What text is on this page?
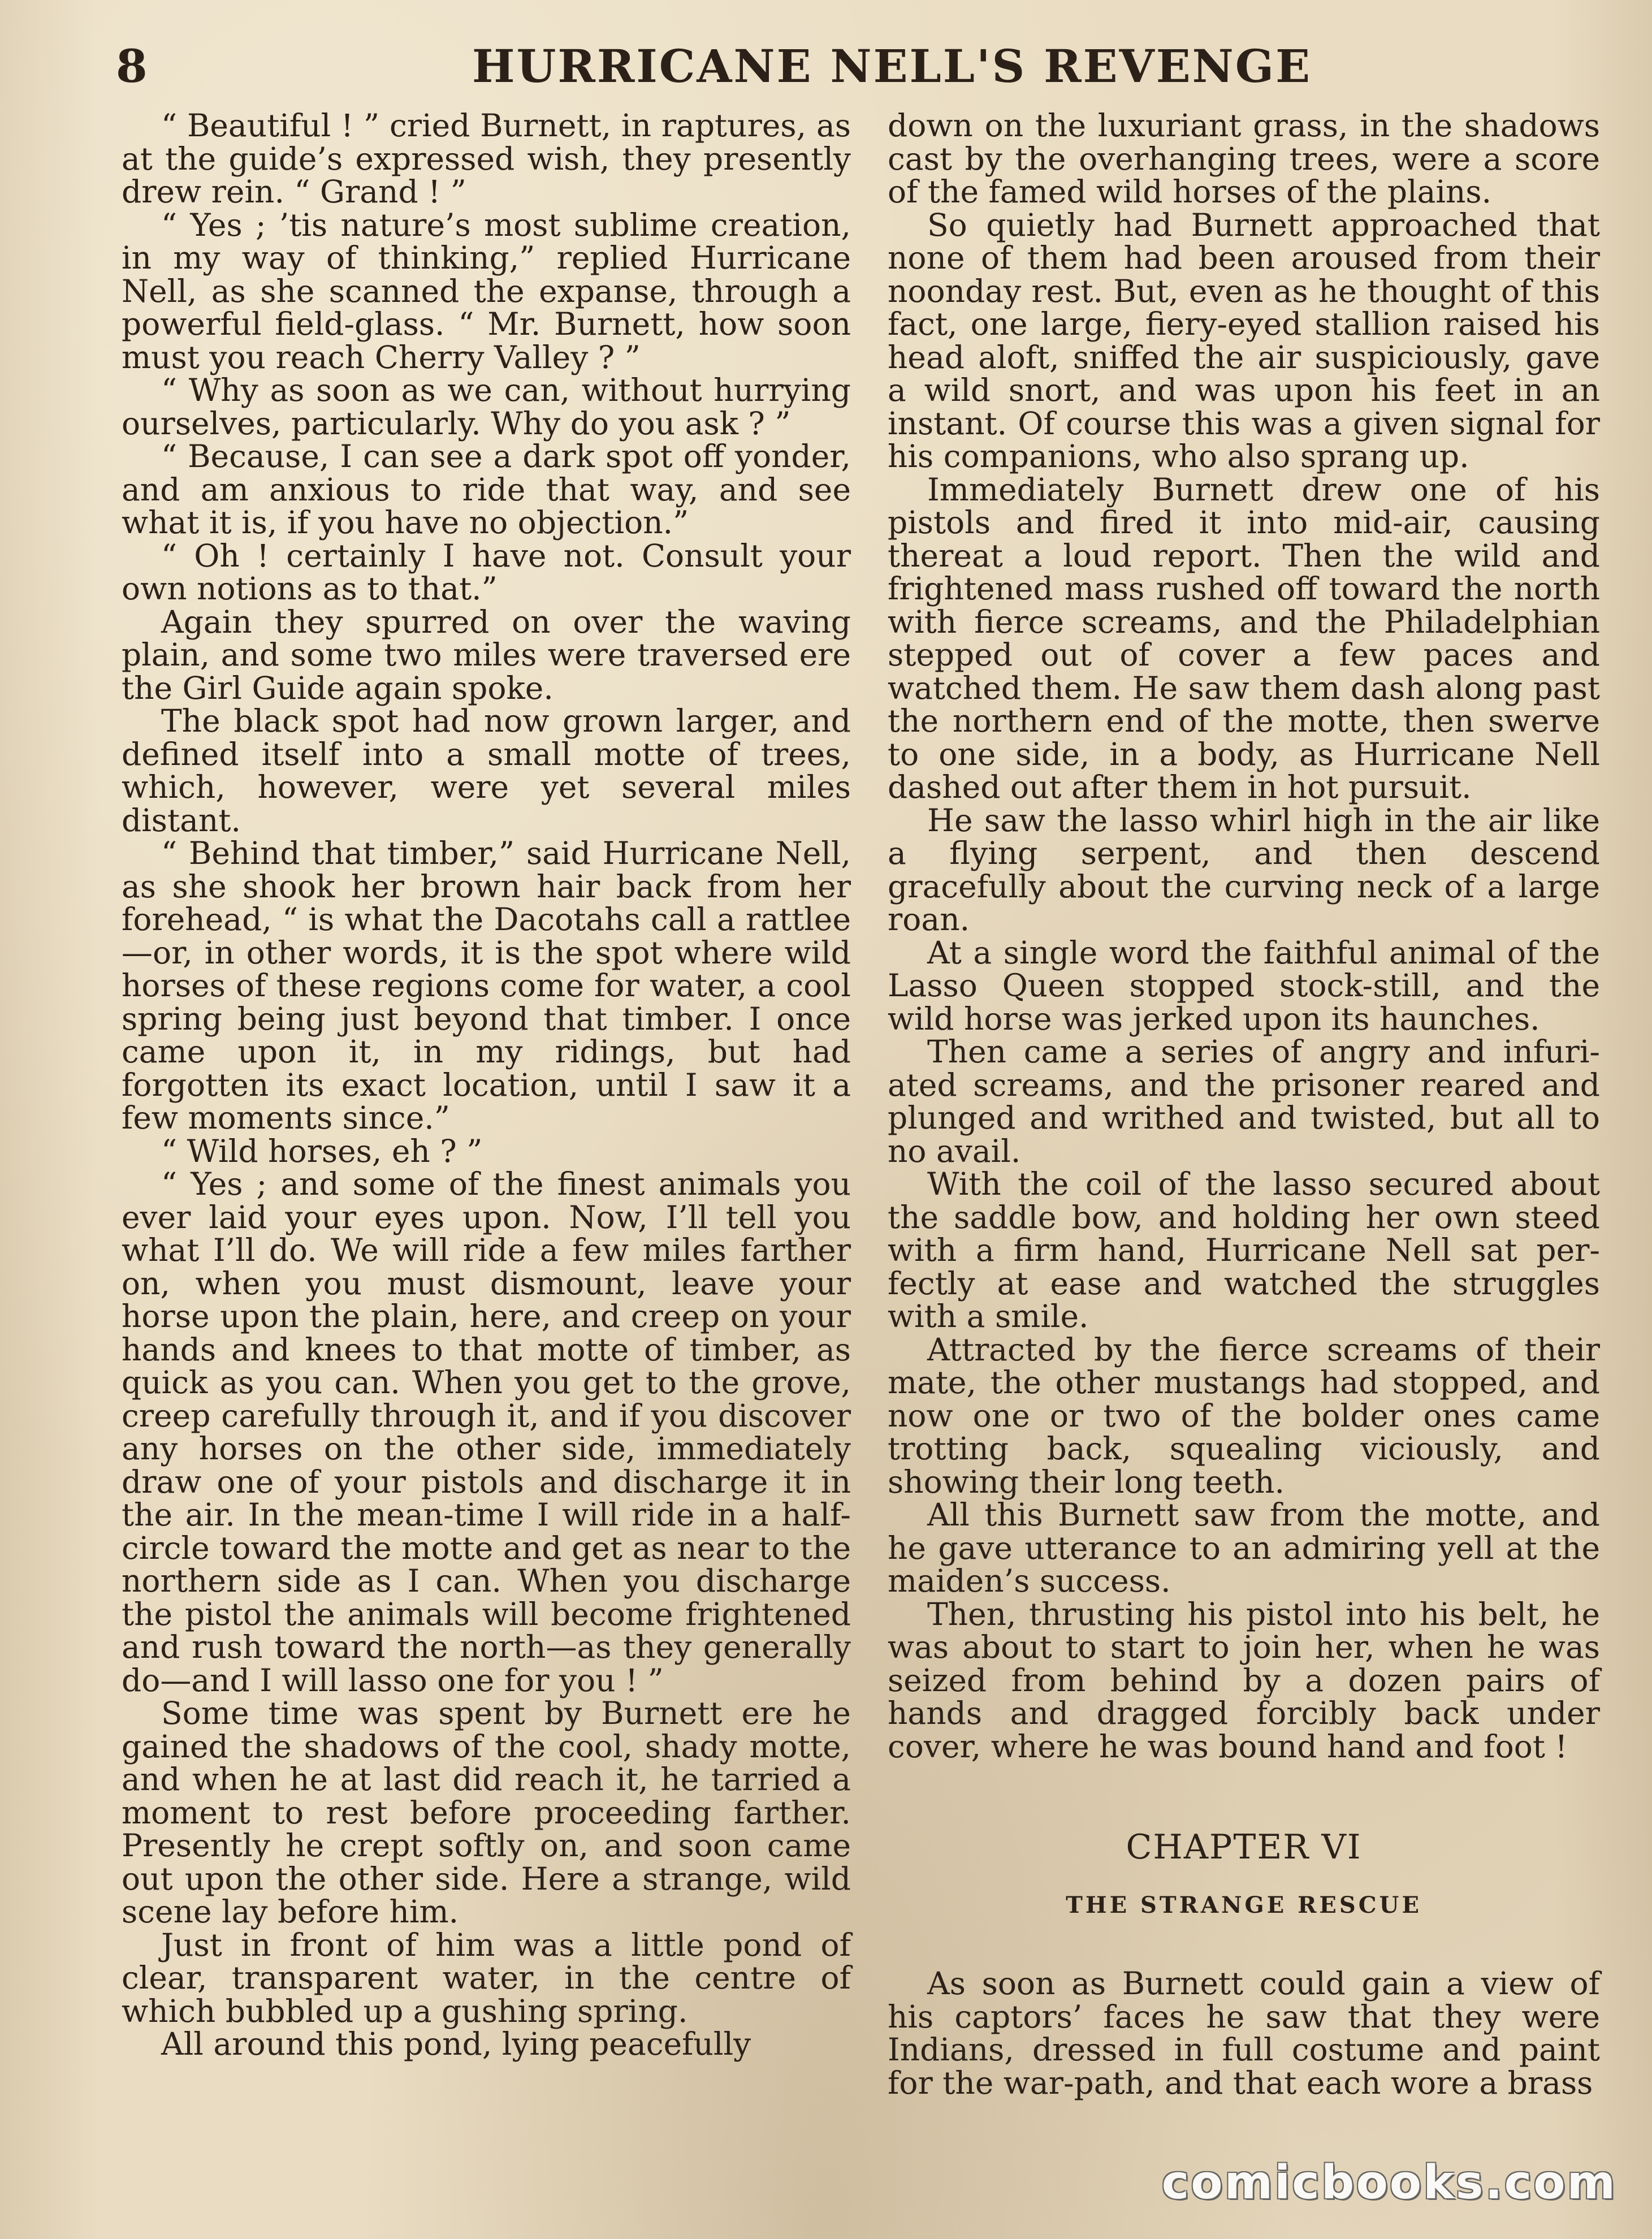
8	HURRICANE NELL'S REVENGE

“ Beautiful ! ” cried Burnett, in raptures, as at the guide’s expressed wish, they presently drew rein. “ Grand ! ”

“ Yes ; ’tis nature’s most sublime creation, in my way of thinking,” replied Hurricane Nell, as she scanned the expanse, through a powerful field-glass. “ Mr. Burnett, how soon must you reach Cherry Valley ? ”

“ Why as soon as we can, without hurrying ourselves, particularly. Why do you ask ? ”

“ Because, I can see a dark spot off yonder, and am anxious to ride that way, and see what it is, if you have no objection.”

“ Oh ! certainly I have not. Consult your own notions as to that.”

Again they spurred on over the waving plain, and some two miles were traversed ere the Girl Guide again spoke.

The black spot had now grown larger, and defined itself into a small motte of trees, which, however, were yet several miles distant.

“ Behind that timber,” said Hurricane Nell, as she shook her brown hair back from her forehead, “ is what the Dacotahs call a rattlee—or, in other words, it is the spot where wild horses of these regions come for water, a cool spring being just beyond that timber. I once came upon it, in my ridings, but had forgotten its exact location, until I saw it a few moments since.”

“ Wild horses, eh ? ”

“ Yes ; and some of the finest animals you ever laid your eyes upon. Now, I’ll tell you what I’ll do. We will ride a few miles farther on, when you must dismount, leave your horse upon the plain, here, and creep on your hands and knees to that motte of timber, as quick as you can. When you get to the grove, creep carefully through it, and if you discover any horses on the other side, immediately draw one of your pistols and discharge it in the air. In the mean-time I will ride in a half-circle toward the motte and get as near to the northern side as I can. When you discharge the pistol the animals will become frightened and rush toward the north—as they generally do—and I will lasso one for you ! ”

Some time was spent by Burnett ere he gained the shadows of the cool, shady motte, and when he at last did reach it, he tarried a moment to rest before proceeding farther. Presently he crept softly on, and soon came out upon the other side. Here a strange, wild scene lay before him.

Just in front of him was a little pond of clear, transparent water, in the centre of which bubbled up a gushing spring.

All around this pond, lying peacefully

down on the luxuriant grass, in the shadows cast by the overhanging trees, were a score of the famed wild horses of the plains.

So quietly had Burnett approached that none of them had been aroused from their noonday rest. But, even as he thought of this fact, one large, fiery-eyed stallion raised his head aloft, sniffed the air suspiciously, gave a wild snort, and was upon his feet in an instant. Of course this was a given signal for his companions, who also sprang up.

Immediately Burnett drew one of his pistols and fired it into mid-air, causing thereat a loud report. Then the wild and frightened mass rushed off toward the north with fierce screams, and the Philadelphian stepped out of cover a few paces and watched them. He saw them dash along past the northern end of the motte, then swerve to one side, in a body, as Hurricane Nell dashed out after them in hot pursuit.

He saw the lasso whirl high in the air like a flying serpent, and then descend gracefully about the curving neck of a large roan.

At a single word the faithful animal of the Lasso Queen stopped stock-still, and the wild horse was jerked upon its haunches.

Then came a series of angry and infuri-ated screams, and the prisoner reared and plunged and writhed and twisted, but all to no avail.

With the coil of the lasso secured about the saddle bow, and holding her own steed with a firm hand, Hurricane Nell sat per-fectly at ease and watched the struggles with a smile.

Attracted by the fierce screams of their mate, the other mustangs had stopped, and now one or two of the bolder ones came trotting back, squealing viciously, and showing their long teeth.

All this Burnett saw from the motte, and he gave utterance to an admiring yell at the maiden’s success.

Then, thrusting his pistol into his belt, he was about to start to join her, when he was seized from behind by a dozen pairs of hands and dragged forcibly back under cover, where he was bound hand and foot !

CHAPTER VI

THE STRANGE RESCUE

As soon as Burnett could gain a view of his captors’ faces he saw that they were Indians, dressed in full costume and paint for the war-path, and that each wore a brass

comicbooks.com
